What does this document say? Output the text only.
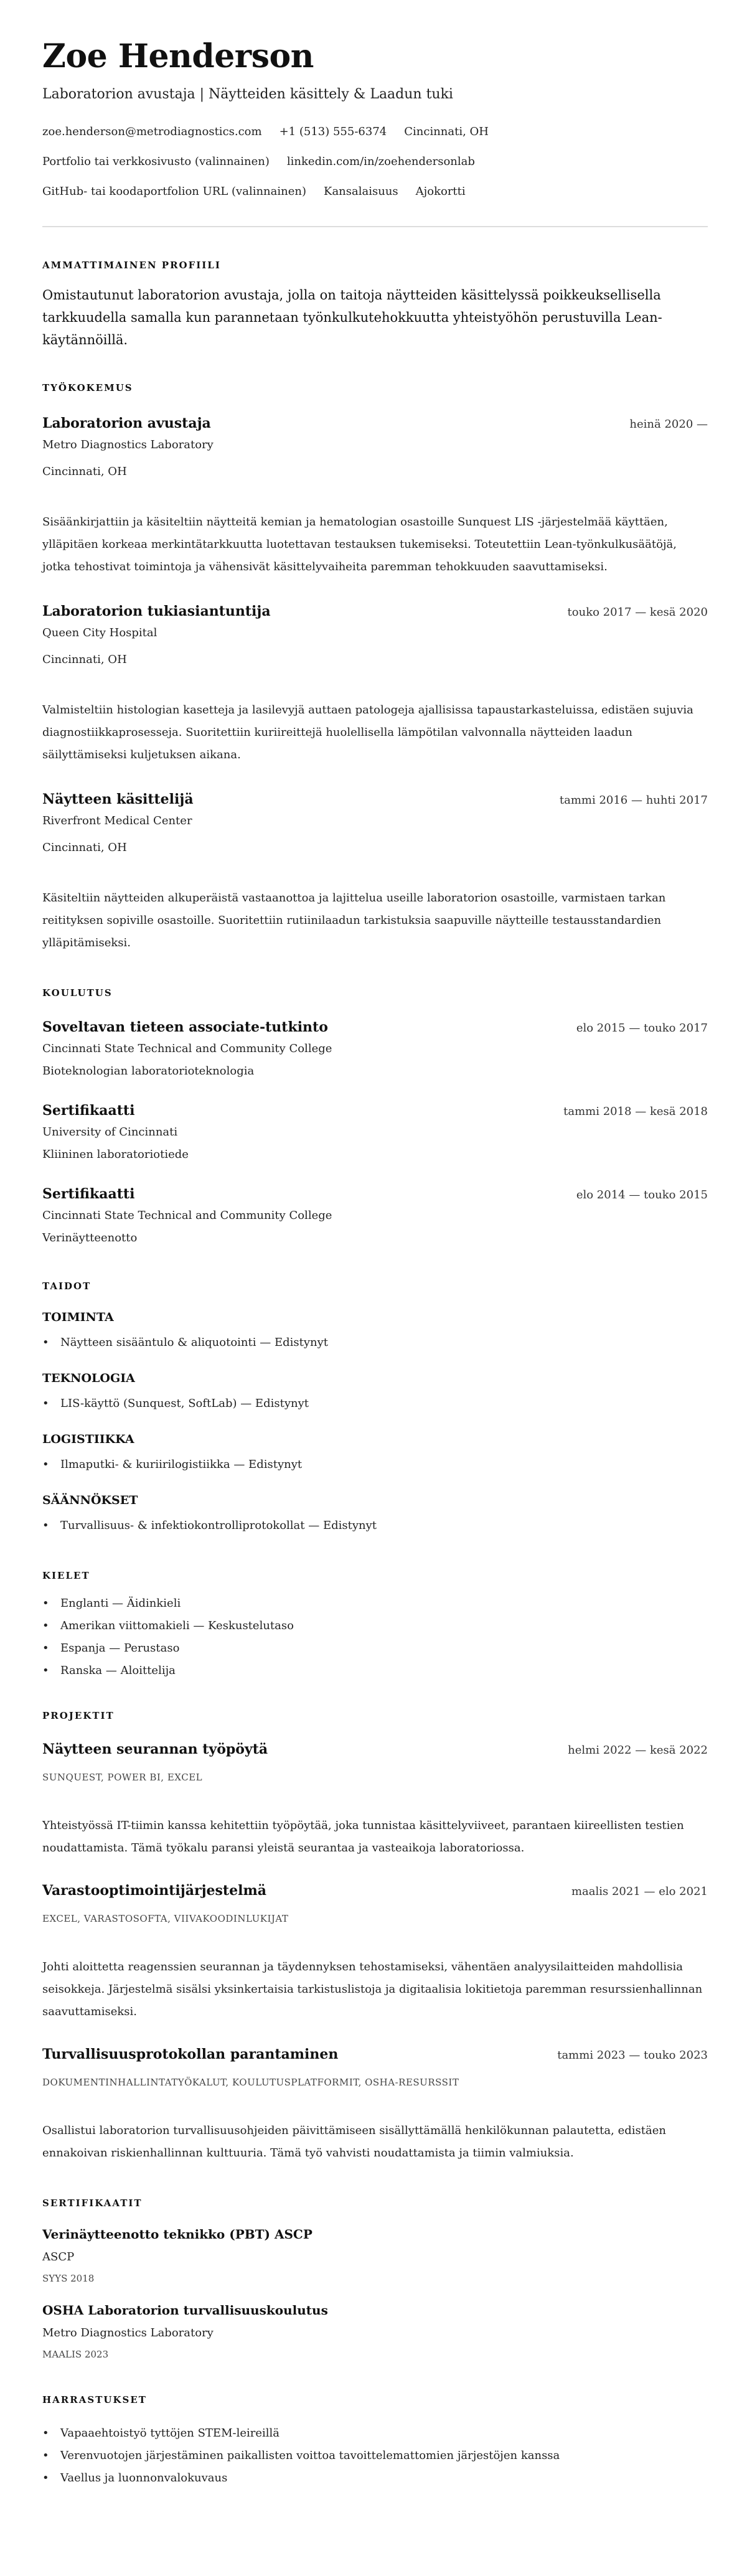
Zoe Henderson
Laboratorion avustaja | Näytteiden käsittely & Laadun tuki
zoe.henderson@metrodiagnostics.com +1 (513) 555-6374 Cincinnati, OH
Portfolio tai verkkosivusto (valinnainen) linkedin.com/in/zoehendersonlab
GitHub- tai koodaportfolion URL (valinnainen) Kansalaisuus Ajokortti
AMMATTIMAINEN PROFIILI
Omistautunut laboratorion avustaja, jolla on taitoja näytteiden käsittelyssä poikkeuksellisella tarkkuudella samalla kun parannetaan työnkulkutehokkuutta yhteistyöhön perustuvilla Lean-käytännöillä.
TYÖKOKEMUS
Laboratorion avustaja	heinä 2020 —
Metro Diagnostics Laboratory
Cincinnati, OH
Sisäänkirjattiin ja käsiteltiin näytteitä kemian ja hematologian osastoille Sunquest LIS -järjestelmää käyttäen, ylläpitäen korkeaa merkintätarkkuutta luotettavan testauksen tukemiseksi. Toteutettiin Lean-työnkulkusäätöjä, jotka tehostivat toimintoja ja vähensivät käsittelyvaiheita paremman tehokkuuden saavuttamiseksi.
Laboratorion tukiasiantuntija	touko 2017 — kesä 2020
Queen City Hospital
Cincinnati, OH
Valmisteltiin histologian kasetteja ja lasilevyjä auttaen patologeja ajallisissa tapaustarkasteluissa, edistäen sujuvia diagnostiikkaprosesseja. Suoritettiin kuriireittejä huolellisella lämpötilan valvonnalla näytteiden laadun säilyttämiseksi kuljetuksen aikana.
Näytteen käsittelijä	tammi 2016 — huhti 2017
Riverfront Medical Center
Cincinnati, OH
Käsiteltiin näytteiden alkuperäistä vastaanottoa ja lajittelua useille laboratorion osastoille, varmistaen tarkan reitityksen sopiville osastoille. Suoritettiin rutiinilaadun tarkistuksia saapuville näytteille testausstandardien ylläpitämiseksi.
KOULUTUS
Soveltavan tieteen associate-tutkinto	elo 2015 — touko 2017
Cincinnati State Technical and Community College
Bioteknologian laboratorioteknologia
Sertifikaatti	tammi 2018 — kesä 2018
University of Cincinnati
Kliininen laboratoriotiede
Sertifikaatti	elo 2014 — touko 2015
Cincinnati State Technical and Community College
Verinäytteenotto
TAIDOT
TOIMINTA
• Näytteen sisääntulo & aliquotointi — Edistynyt
TEKNOLOGIA
• LIS-käyttö (Sunquest, SoftLab) — Edistynyt
LOGISTIIKKA
• Ilmaputki- & kuriirilogistiikka — Edistynyt
SÄÄNNÖKSET
• Turvallisuus- & infektiokontrolliprotokollat — Edistynyt
KIELET
• Englanti — Äidinkieli
• Amerikan viittomakieli — Keskustelutaso
• Espanja — Perustaso
• Ranska — Aloittelija
PROJEKTIT
Näytteen seurannan työpöytä	helmi 2022 — kesä 2022
SUNQUEST, POWER BI, EXCEL
Yhteistyössä IT-tiimin kanssa kehitettiin työpöytää, joka tunnistaa käsittelyviiveet, parantaen kiireellisten testien noudattamista. Tämä työkalu paransi yleistä seurantaa ja vasteaikoja laboratoriossa.
Varastooptimointijärjestelmä	maalis 2021 — elo 2021
EXCEL, VARASTOSOFTA, VIIVAKOODINLUKIJAT
Johti aloittetta reagenssien seurannan ja täydennyksen tehostamiseksi, vähentäen analyysilaitteiden mahdollisia seisokkeja. Järjestelmä sisälsi yksinkertaisia tarkistuslistoja ja digitaalisia lokitietoja paremman resurssienhallinnan saavuttamiseksi.
Turvallisuusprotokollan parantaminen	tammi 2023 — touko 2023
DOKUMENTINHALLINTATYÖKALUT, KOULUTUSPLATFORMIT, OSHA-RESURSSIT
Osallistui laboratorion turvallisuusohjeiden päivittämiseen sisällyttämällä henkilökunnan palautetta, edistäen ennakoivan riskienhallinnan kulttuuria. Tämä työ vahvisti noudattamista ja tiimin valmiuksia.
SERTIFIKAATIT
Verinäytteenotto teknikko (PBT) ASCP
ASCP
SYYS 2018
OSHA Laboratorion turvallisuuskoulutus
Metro Diagnostics Laboratory
MAALIS 2023
HARRASTUKSET
• Vapaaehtoistyö tyttöjen STEM-leireillä
• Verenvuotojen järjestäminen paikallisten voittoa tavoittelemattomien järjestöjen kanssa
• Vaellus ja luonnonvalokuvaus
